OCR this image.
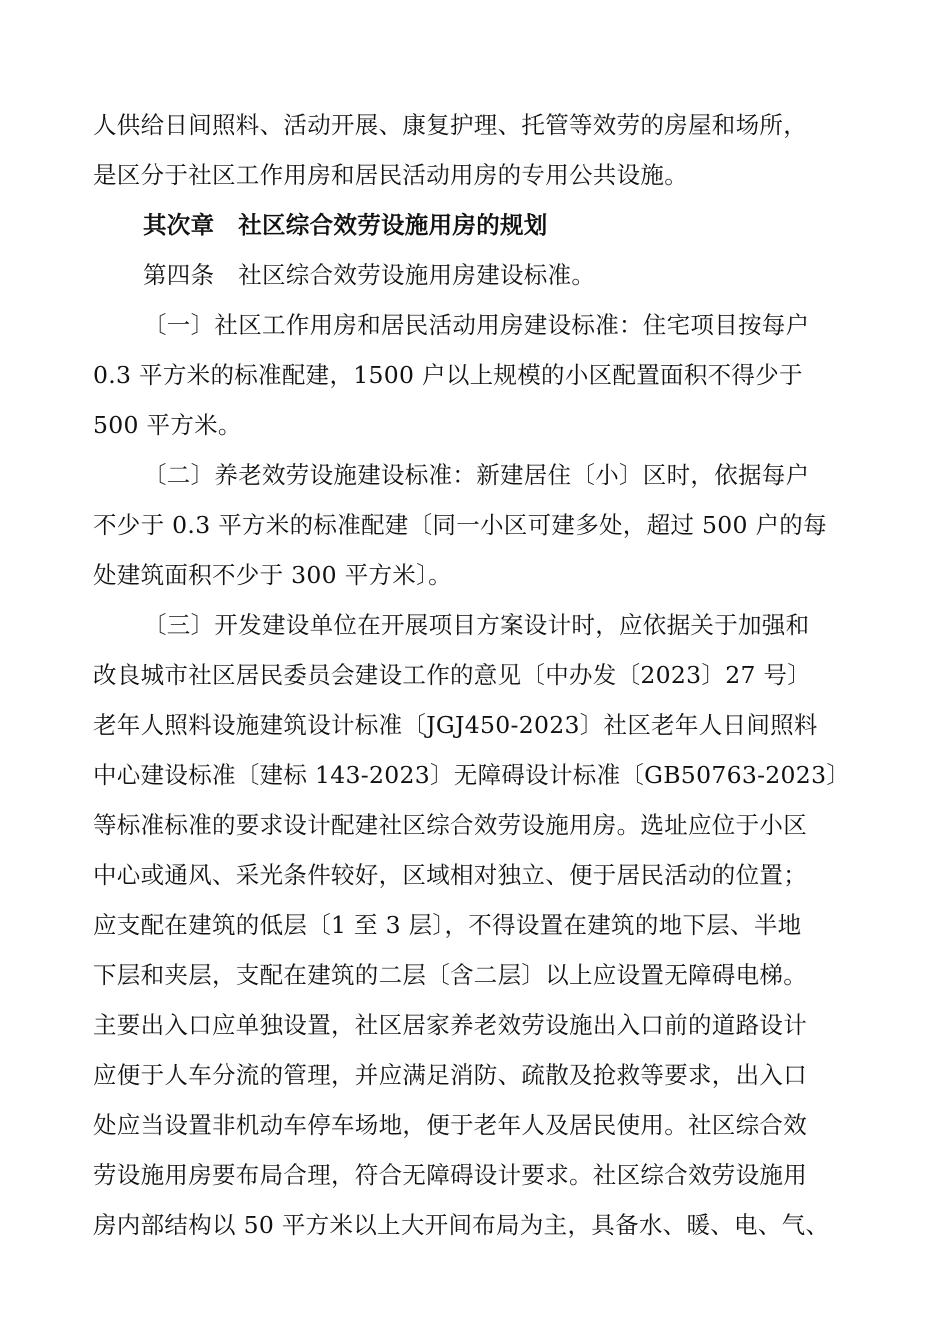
人供给日间照料、活动开展、康复护理、托管等效劳的房屋和场所，
是区分于社区工作用房和居民活动用房的专用公共设施。
其次章　社区综合效劳设施用房的规划
第四条　社区综合效劳设施用房建设标准。
〔一〕社区工作用房和居民活动用房建设标准：住宅项目按每户
0.3 平方米的标准配建，1500 户以上规模的小区配置面积不得少于
500 平方米。
〔二〕养老效劳设施建设标准：新建居住〔小〕区时，依据每户
不少于 0.3 平方米的标准配建〔同一小区可建多处，超过 500 户的每
处建筑面积不少于 300 平方米〕。
〔三〕开发建设单位在开展项目方案设计时，应依据关于加强和
改良城市社区居民委员会建设工作的意见〔中办发〔2023〕27 号〕
老年人照料设施建筑设计标准〔JGJ450-2023〕社区老年人日间照料
中心建设标准〔建标 143-2023〕无障碍设计标准〔GB50763-2023〕
等标准标准的要求设计配建社区综合效劳设施用房。选址应位于小区
中心或通风、采光条件较好，区域相对独立、便于居民活动的位置；
应支配在建筑的低层〔1 至 3 层〕，不得设置在建筑的地下层、半地
下层和夹层，支配在建筑的二层〔含二层〕以上应设置无障碍电梯。
主要出入口应单独设置，社区居家养老效劳设施出入口前的道路设计
应便于人车分流的管理，并应满足消防、疏散及抢救等要求，出入口
处应当设置非机动车停车场地，便于老年人及居民使用。社区综合效
劳设施用房要布局合理，符合无障碍设计要求。社区综合效劳设施用
房内部结构以 50 平方米以上大开间布局为主，具备水、暖、电、气、
